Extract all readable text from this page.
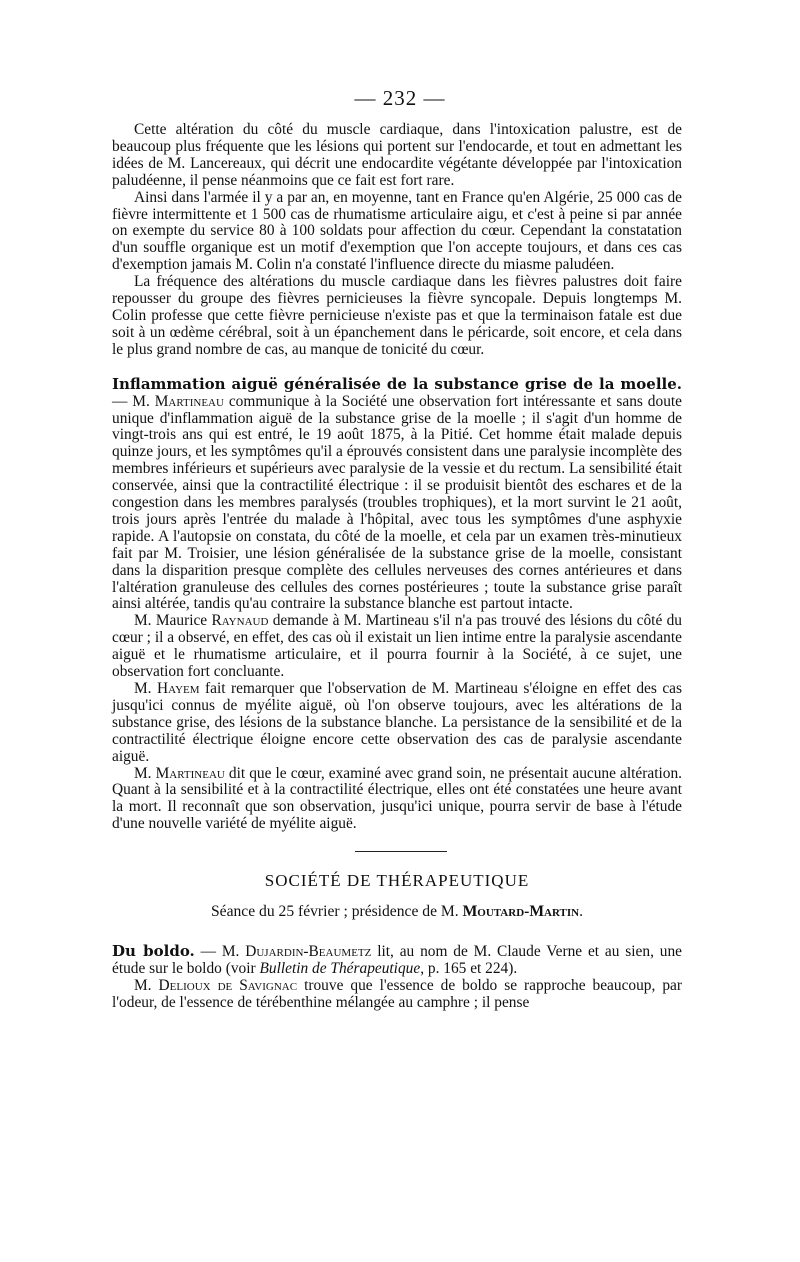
— 232 —

Cette altération du côté du muscle cardiaque, dans l'intoxication palustre, est de beaucoup plus fréquente que les lésions qui portent sur l'endocarde, et tout en admettant les idées de M. Lancereaux, qui décrit une endocardite végétante développée par l'intoxication paludéenne, il pense néanmoins que ce fait est fort rare.

Ainsi dans l'armée il y a par an, en moyenne, tant en France qu'en Algérie, 25 000 cas de fièvre intermittente et 1 500 cas de rhumatisme articulaire aigu, et c'est à peine si par année on exempte du service 80 à 100 soldats pour affection du cœur. Cependant la constatation d'un souffle organique est un motif d'exemption que l'on accepte toujours, et dans ces cas d'exemption jamais M. Colin n'a constaté l'influence directe du miasme paludéen.

La fréquence des altérations du muscle cardiaque dans les fièvres palustres doit faire repousser du groupe des fièvres pernicieuses la fièvre syncopale. Depuis longtemps M. Colin professe que cette fièvre pernicieuse n'existe pas et que la terminaison fatale est due soit à un œdème cérébral, soit à un épanchement dans le péricarde, soit encore, et cela dans le plus grand nombre de cas, au manque de tonicité du cœur.

Inflammation aiguë généralisée de la substance grise de la moelle. — M. Martineau communique à la Société une observation fort intéressante et sans doute unique d'inflammation aiguë de la substance grise de la moelle ; il s'agit d'un homme de vingt-trois ans qui est entré, le 19 août 1875, à la Pitié. Cet homme était malade depuis quinze jours, et les symptômes qu'il a éprouvés consistent dans une paralysie incomplète des membres inférieurs et supérieurs avec paralysie de la vessie et du rectum. La sensibilité était conservée, ainsi que la contractilité électrique : il se produisit bientôt des eschares et de la congestion dans les membres paralysés (troubles trophiques), et la mort survint le 21 août, trois jours après l'entrée du malade à l'hôpital, avec tous les symptômes d'une asphyxie rapide. A l'autopsie on constata, du côté de la moelle, et cela par un examen très-minutieux fait par M. Troisier, une lésion généralisée de la substance grise de la moelle, consistant dans la disparition presque complète des cellules nerveuses des cornes antérieures et dans l'altération granuleuse des cellules des cornes postérieures ; toute la substance grise paraît ainsi altérée, tandis qu'au contraire la substance blanche est partout intacte.

M. Maurice Raynaud demande à M. Martineau s'il n'a pas trouvé des lésions du côté du cœur ; il a observé, en effet, des cas où il existait un lien intime entre la paralysie ascendante aiguë et le rhumatisme articulaire, et il pourra fournir à la Société, à ce sujet, une observation fort concluante.

M. Hayem fait remarquer que l'observation de M. Martineau s'éloigne en effet des cas jusqu'ici connus de myélite aiguë, où l'on observe toujours, avec les altérations de la substance grise, des lésions de la substance blanche. La persistance de la sensibilité et de la contractilité électrique éloigne encore cette observation des cas de paralysie ascendante aiguë.

M. Martineau dit que le cœur, examiné avec grand soin, ne présentait aucune altération. Quant à la sensibilité et à la contractilité électrique, elles ont été constatées une heure avant la mort. Il reconnaît que son observation, jusqu'ici unique, pourra servir de base à l'étude d'une nouvelle variété de myélite aiguë.

SOCIÉTÉ DE THÉRAPEUTIQUE
Séance du 25 février ; présidence de M. Moutard-Martin.

Du boldo. — M. Dujardin-Beaumetz lit, au nom de M. Claude Verne et au sien, une étude sur le boldo (voir Bulletin de Thérapeutique, p. 165 et 224).

M. Delioux de Savignac trouve que l'essence de boldo se rapproche beaucoup, par l'odeur, de l'essence de térébenthine mélangée au camphre ; il pense
